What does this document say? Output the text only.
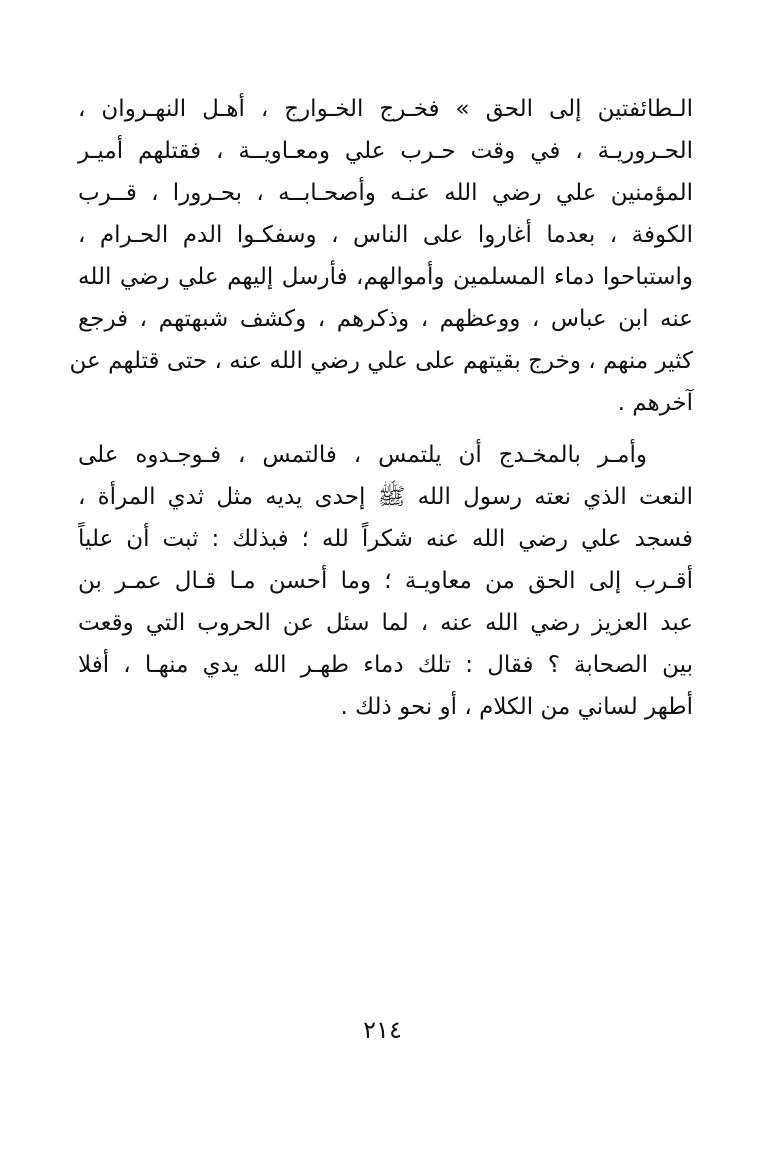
الـطائفتين إلى الحق » فخـرج الخـوارج ، أهـل النهـروان ،
الحـروريـة ، في وقت حـرب علي ومعـاويــة ، فقتلهم أميـر
المؤمنين علي رضي الله عنـه وأصحـابــه ، بحـرورا ، قــرب
الكوفة ، بعدما أغاروا على الناس ، وسفكـوا الدم الحـرام ،
واستباحوا دماء المسلمين وأموالهم، فأرسل إليهم علي رضي الله
عنه ابن عباس ، ووعظهم ، وذكرهم ، وكشف شبهتهم ، فرجع
كثير منهم ، وخرج بقيتهم على علي رضي الله عنه ، حتى قتلهم عن
آخرهم .
وأمـر بالمخـدج أن يلتمس ، فالتمس ، فـوجـدوه على
النعت الذي نعته رسول الله ﷺ إحدى يديه مثل ثدي المرأة ،
فسجد علي رضي الله عنه شكراً لله ؛ فبذلك : ثبت أن علياً
أقـرب إلى الحق من معاويـة ؛ وما أحسن مـا قـال عمـر بن
عبد العزيز رضي الله عنه ، لما سئل عن الحروب التي وقعت
بين الصحابة ؟ فقال : تلك دماء طهـر الله يدي منهـا ، أفلا
أطهر لساني من الكلام ، أو نحو ذلك .
٢١٤
